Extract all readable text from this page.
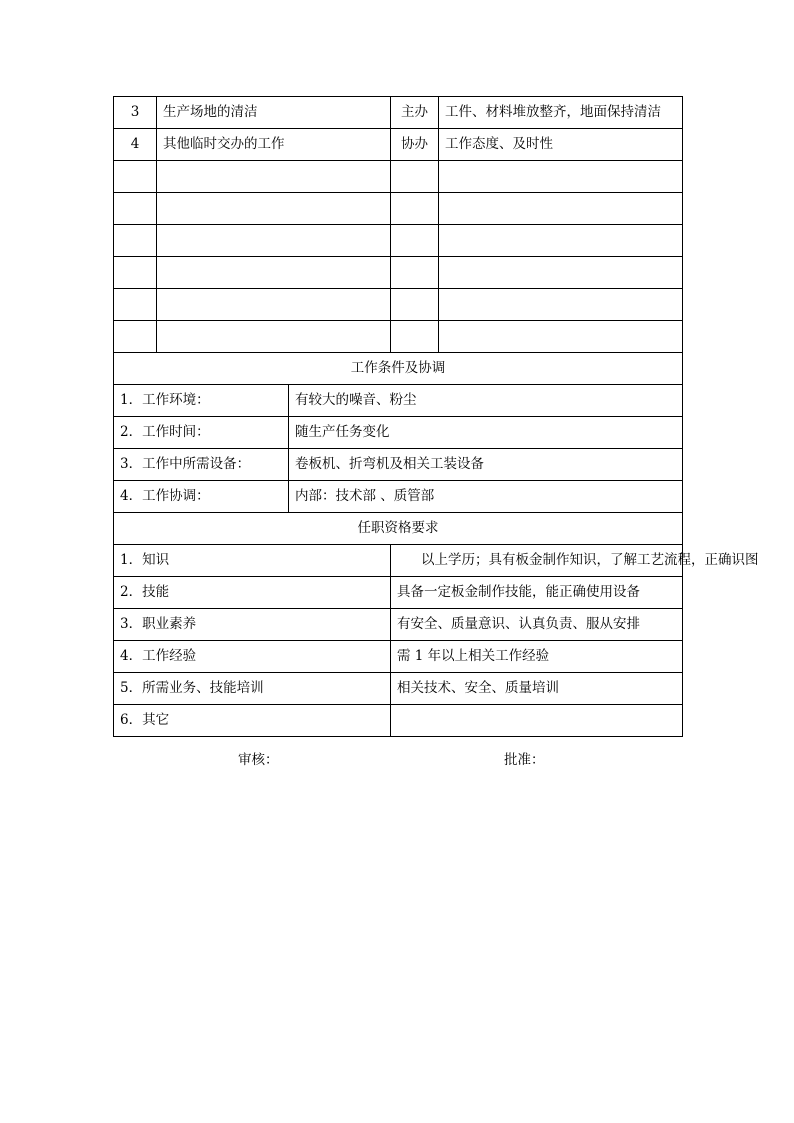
3	生产场地的清洁		主办	工件、材料堆放整齐，地面保持清洁
4	其他临时交办的工作		协办	工作态度、及时性

工作条件及协调				
1．工作环境：		有较大的噪音、粉尘		
2．工作时间：		随生产任务变化		
3．工作中所需设备：		卷板机、折弯机及相关工装设备		
4．工作协调：		内部：技术部 、质管部		
任职资格要求				
1．知识			以上学历；具有板金制作知识，了解工艺流程，正确识图	
2．技能			具备一定板金制作技能，能正确使用设备	
3．职业素养			有安全、质量意识、认真负责、服从安排	
4．工作经验			需 1 年以上相关工作经验	
5．所需业务、技能培训			相关技术、安全、质量培训	
6．其它				
审核：	批准：
